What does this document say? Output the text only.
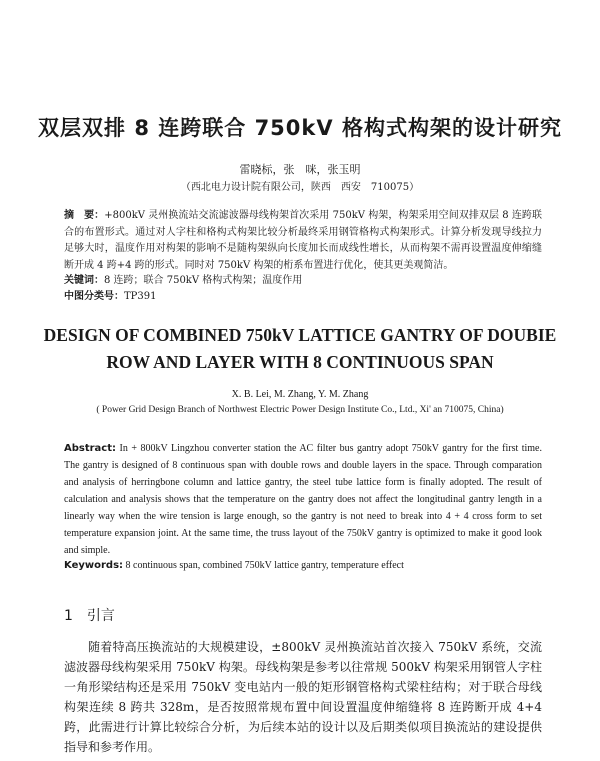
双层双排 8 连跨联合 750kV 格构式构架的设计研究
雷晓标，张　咪，张玉明
（西北电力设计院有限公司，陕西　西安　710075）
摘　要：+800kV 灵州换流站交流滤波器母线构架首次采用 750kV 构架，构架采用空间双排双层 8 连跨联合的布置形式。通过对人字柱和格构式构架比较分析最终采用钢管格构式构架形式。计算分析发现导线拉力足够大时，温度作用对构架的影响不是随构架纵向长度加长而成线性增长，从而构架不需再设置温度伸缩缝断开成 4 跨+4 跨的形式。同时对 750kV 构架的桁系布置进行优化，使其更美观简洁。
关键词：8 连跨；联合 750kV 格构式构架；温度作用
中图分类号：TP391
DESIGN OF COMBINED 750kV LATTICE GANTRY OF DOUBIE ROW AND LAYER WITH 8 CONTINUOUS SPAN
X. B. Lei, M. Zhang, Y. M. Zhang
( Power Grid Design Branch of Northwest Electric Power Design Institute Co., Ltd., Xi' an 710075, China)
Abstract: In + 800kV Lingzhou converter station the AC filter bus gantry adopt 750kV gantry for the first time. The gantry is designed of 8 continuous span with double rows and double layers in the space. Through comparation and analysis of herringbone column and lattice gantry, the steel tube lattice form is finally adopted. The result of calculation and analysis shows that the temperature on the gantry does not affect the longitudinal gantry length in a linearly way when the wire tension is large enough, so the gantry is not need to break into 4 + 4 cross form to set temperature expansion joint. At the same time, the truss layout of the 750kV gantry is optimized to make it good look and simple.
Keywords: 8 continuous span, combined 750kV lattice gantry, temperature effect
1 引言
随着特高压换流站的大规模建设，±800kV 灵州换流站首次接入 750kV 系统，交流滤波器母线构架采用 750kV 构架。母线构架是参考以往常规 500kV 构架采用钢管人字柱一角形梁结构还是采用 750kV 变电站内一般的矩形钢管格构式梁柱结构；对于联合母线构架连续 8 跨共 328m，是否按照常规布置中间设置温度伸缩缝将 8 连跨断开成 4+4 跨，此需进行计算比较综合分析，为后续本站的设计以及后期类似项目换流站的建设提供指导和参考作用。
